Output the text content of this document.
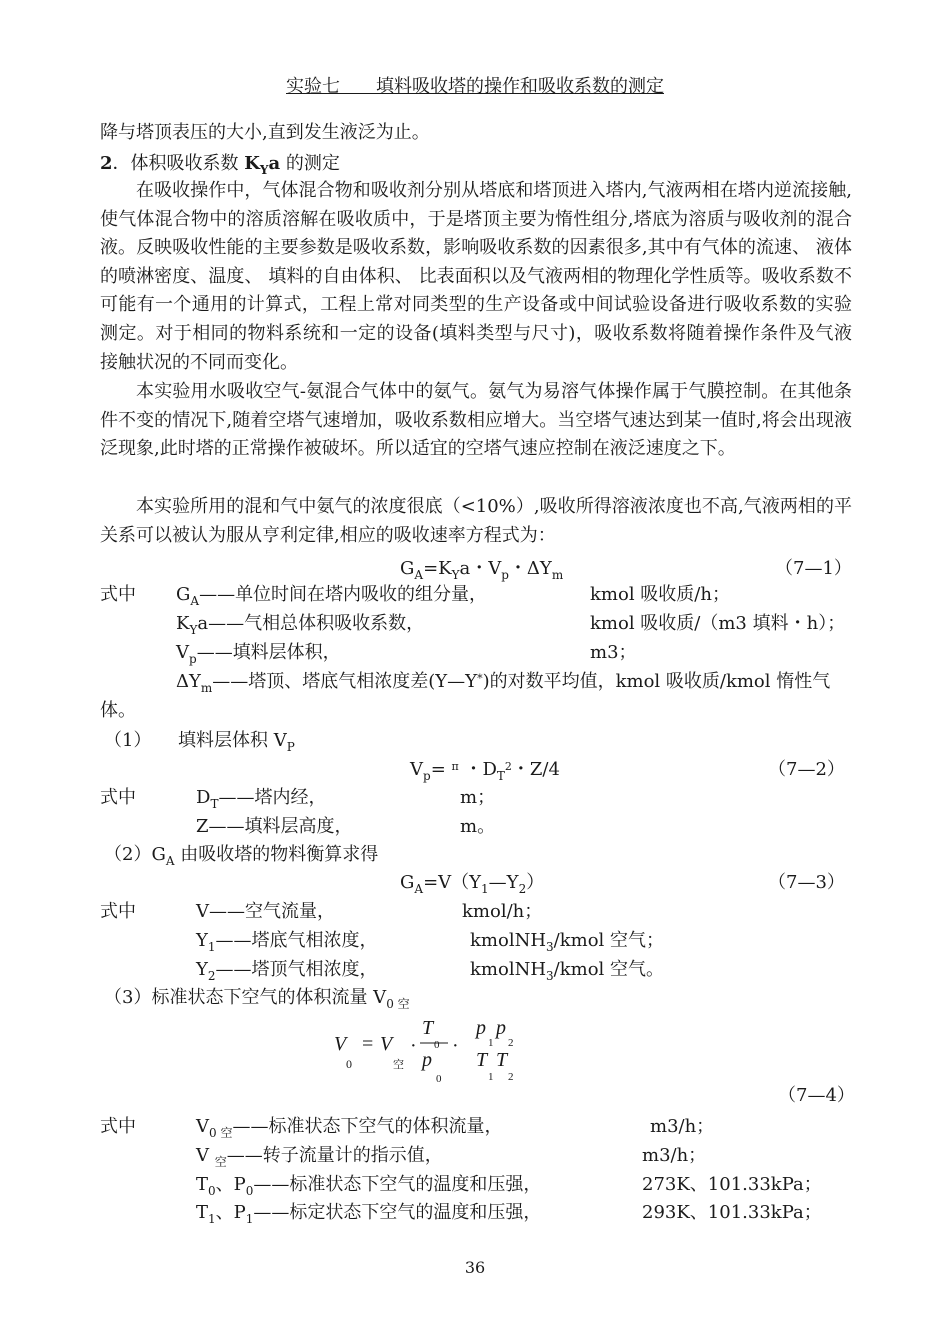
实验七　　填料吸收塔的操作和吸收系数的测定
降与塔顶表压的大小,直到发生液泛为止。
2．体积吸收系数 $K_Ya$ 的测定
在吸收操作中，气体混合物和吸收剂分别从塔底和塔顶进入塔内,气液两相在塔内逆流接触,使气体混合物中的溶质溶解在吸收质中，于是塔顶主要为惰性组分,塔底为溶质与吸收剂的混合液。反映吸收性能的主要参数是吸收系数，影响吸收系数的因素很多,其中有气体的流速、 液体的喷淋密度、温度、 填料的自由体积、 比表面积以及气液两相的物理化学性质等。吸收系数不可能有一个通用的计算式，工程上常对同类型的生产设备或中间试验设备进行吸收系数的实验测定。对于相同的物料系统和一定的设备(填料类型与尺寸)，吸收系数将随着操作条件及气液接触状况的不同而变化。
本实验用水吸收空气-氨混合气体中的氨气。氨气为易溶气体操作属于气膜控制。在其他条件不变的情况下,随着空塔气速增加，吸收系数相应增大。当空塔气速达到某一值时,将会出现液泛现象,此时塔的正常操作被破坏。所以适宜的空塔气速应控制在液泛速度之下。
本实验所用的混和气中氨气的浓度很底（<10%）,吸收所得溶液浓度也不高,气液两相的平关系可以被认为服从亨利定律,相应的吸收速率方程式为：
$G_A=K_Ya$・$V_p$・$\Delta Y_m$	（7—1）
式中 $G_A——$单位时间在塔内吸收的组分量，	kmol 吸收质/h；
$K_Ya——$气相总体积吸收系数，	kmol 吸收质/（m3 填料・h）；
$V_p——$填料层体积，	m3；
$\Delta Y_m——$塔顶、塔底气相浓度差(Y—Y*)的对数平均值，kmol 吸收质/kmol 惰性气
体。
（1） 填料层体积 $V_P$
$V_p= ^\pi$ ・$D_T^2$・Z/4	（7—2）
式中	$D_T——$塔内经，	m；
Z——填料层高度，	m。
$(2)G_A$ 由吸收塔的物料衡算求得
$G_A=V(Y_1—Y_2)$	（7—3）
式中	V——空气流量，	kmol/h；
$Y_1——$塔底气相浓度，	kmolNH$_3$/kmol 空气；
$Y_2——$塔顶气相浓度，	kmolNH$_3$/kmol 空气。
（3）标准状态下空气的体积流量 $V_{0 空}$
V
0
= V
空
·
T
0
p
0
·
p
1
p
2
T
1
T
2
（7—4）
式中	$V_{0 空}——$标准状态下空气的体积流量，	m3/h；
V $_空$——转子流量计的指示值，	m3/h；
$T_0$、$P_0——$标准状态下空气的温度和压强，	273K、101.33kPa；
$T_1$、$P_1——$标定状态下空气的温度和压强，	293K、101.33kPa；
36
